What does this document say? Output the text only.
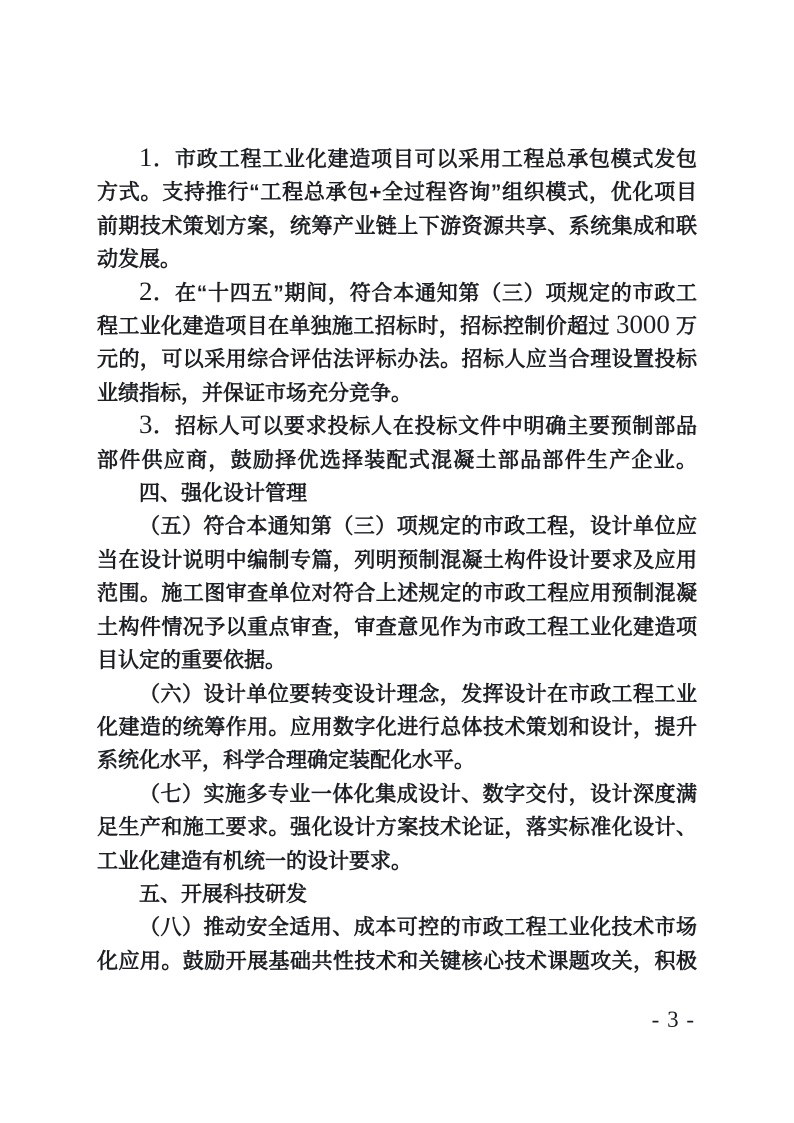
1．市政工程工业化建造项目可以采用工程总承包模式发包
方式。支持推行“工程总承包+全过程咨询”组织模式，优化项目
前期技术策划方案，统筹产业链上下游资源共享、系统集成和联
动发展。
2．在“十四五”期间，符合本通知第（三）项规定的市政工
程工业化建造项目在单独施工招标时，招标控制价超过 3000 万
元的，可以采用综合评估法评标办法。招标人应当合理设置投标
业绩指标，并保证市场充分竞争。
3．招标人可以要求投标人在投标文件中明确主要预制部品
部件供应商，鼓励择优选择装配式混凝土部品部件生产企业。
四、强化设计管理
（五）符合本通知第（三）项规定的市政工程，设计单位应
当在设计说明中编制专篇，列明预制混凝土构件设计要求及应用
范围。施工图审查单位对符合上述规定的市政工程应用预制混凝
土构件情况予以重点审查，审查意见作为市政工程工业化建造项
目认定的重要依据。
（六）设计单位要转变设计理念，发挥设计在市政工程工业
化建造的统筹作用。应用数字化进行总体技术策划和设计，提升
系统化水平，科学合理确定装配化水平。
（七）实施多专业一体化集成设计、数字交付，设计深度满
足生产和施工要求。强化设计方案技术论证，落实标准化设计、
工业化建造有机统一的设计要求。
五、开展科技研发
（八）推动安全适用、成本可控的市政工程工业化技术市场
化应用。鼓励开展基础共性技术和关键核心技术课题攻关，积极
- 3 -
